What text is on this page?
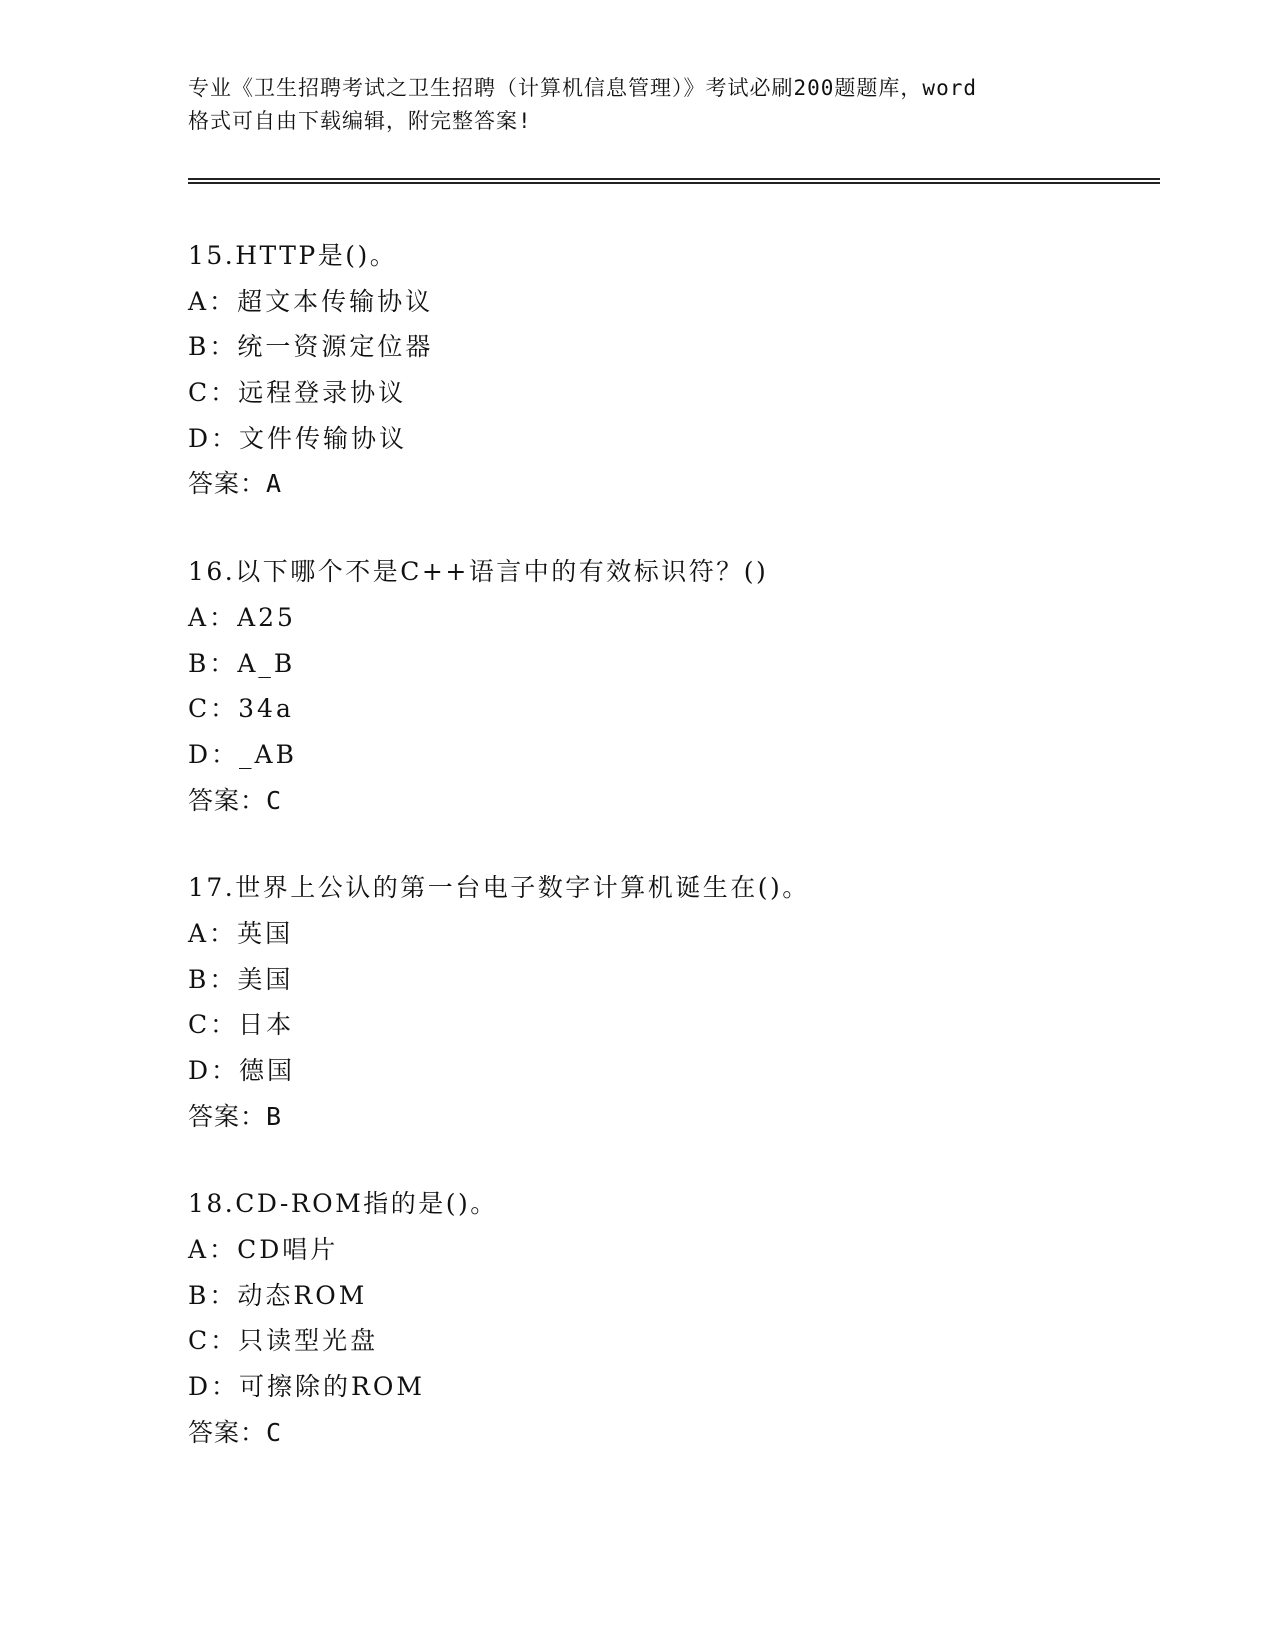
专业《卫生招聘考试之卫生招聘（计算机信息管理）》考试必刷200题题库，word
格式可自由下载编辑，附完整答案!
15.HTTP是()。
A：超文本传输协议
B：统一资源定位器
C：远程登录协议
D：文件传输协议
答案：A
16.以下哪个不是C++语言中的有效标识符？()
A：A25
B：A_B
C：34a
D：_AB
答案：C
17.世界上公认的第一台电子数字计算机诞生在()。
A：英国
B：美国
C：日本
D：德国
答案：B
18.CD-ROM指的是()。
A：CD唱片
B：动态ROM
C：只读型光盘
D：可擦除的ROM
答案：C
